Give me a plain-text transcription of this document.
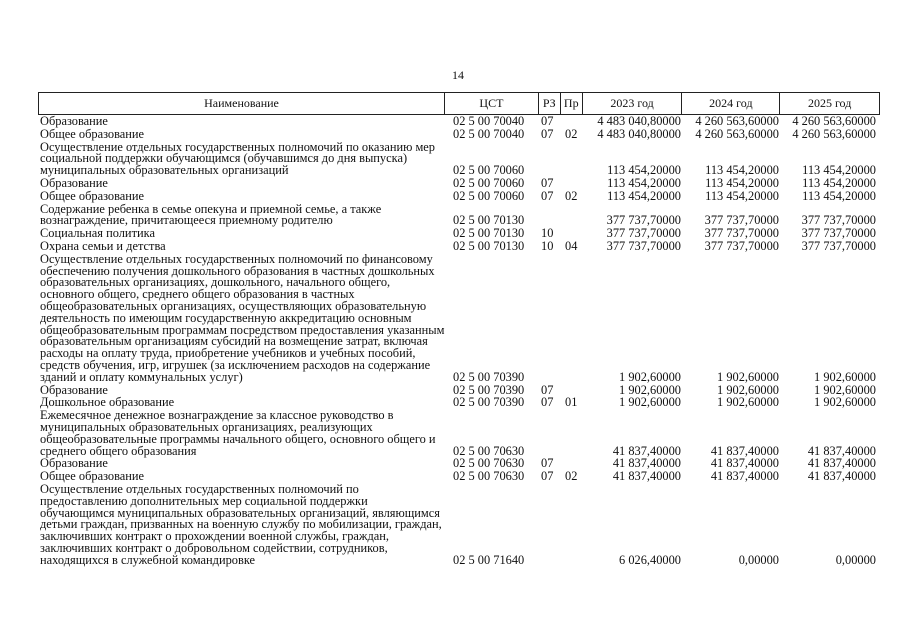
14
Наименование	ЦСТ	РЗ Пр	2023 год	2024 год	2025 год
Образование	02 5 00 70040	07	4 483 040,80000	4 260 563,60000	4 260 563,60000
Общее образование	02 5 00 70040	07 02	4 483 040,80000	4 260 563,60000	4 260 563,60000
Осуществление отдельных государственных полномочий по оказанию мер социальной поддержки обучающимся (обучавшимся до дня выпуска) муниципальных образовательных организаций	02 5 00 70060	113 454,20000	113 454,20000	113 454,20000
Образование	02 5 00 70060	07	113 454,20000	113 454,20000	113 454,20000
Общее образование	02 5 00 70060	07 02	113 454,20000	113 454,20000	113 454,20000
Содержание ребенка в семье опекуна и приемной семье, а также вознаграждение, причитающееся приемному родителю	02 5 00 70130	377 737,70000	377 737,70000	377 737,70000
Социальная политика	02 5 00 70130	10	377 737,70000	377 737,70000	377 737,70000
Охрана семьи и детства	02 5 00 70130	10 04	377 737,70000	377 737,70000	377 737,70000
Осуществление отдельных государственных полномочий по финансовому обеспечению получения дошкольного образования в частных дошкольных образовательных организациях, дошкольного, начального общего, основного общего, среднего общего образования в частных общеобразовательных организациях, осуществляющих образовательную деятельность по имеющим государственную аккредитацию основным общеобразовательным программам посредством предоставления указанным образовательным организациям субсидий на возмещение затрат, включая расходы на оплату труда, приобретение учебников и учебных пособий, средств обучения, игр, игрушек (за исключением расходов на содержание зданий и оплату коммунальных услуг)	02 5 00 70390	1 902,60000	1 902,60000	1 902,60000
Образование	02 5 00 70390	07	1 902,60000	1 902,60000	1 902,60000
Дошкольное образование	02 5 00 70390	07 01	1 902,60000	1 902,60000	1 902,60000
Ежемесячное денежное вознаграждение за классное руководство в муниципальных образовательных организациях, реализующих общеобразовательные программы начального общего, основного общего и среднего общего образования	02 5 00 70630	41 837,40000	41 837,40000	41 837,40000
Образование	02 5 00 70630	07	41 837,40000	41 837,40000	41 837,40000
Общее образование	02 5 00 70630	07 02	41 837,40000	41 837,40000	41 837,40000
Осуществление отдельных государственных полномочий по предоставлению дополнительных мер социальной поддержки обучающимся муниципальных образовательных организаций, являющимся детьми граждан, призванных на военную службу по мобилизации, граждан, заключивших контракт о прохождении военной службы, граждан, заключивших контракт о добровольном содействии, сотрудников, находящихся в служебной командировке	02 5 00 71640	6 026,40000	0,00000	0,00000
